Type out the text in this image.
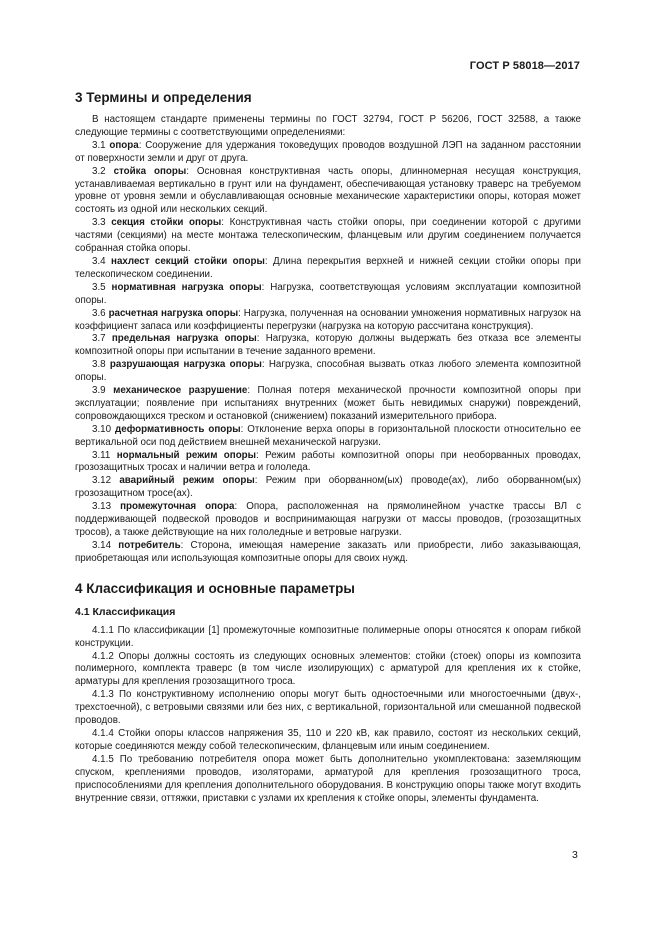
ГОСТ Р 58018—2017
3 Термины и определения

В настоящем стандарте применены термины по ГОСТ 32794, ГОСТ Р 56206, ГОСТ 32588, а также следующие термины с соответствующими определениями:

3.1 опора: Сооружение для удержания токоведущих проводов воздушной ЛЭП на заданном расстоянии от поверхности земли и друг от друга.

3.2 стойка опоры: Основная конструктивная часть опоры, длинномерная несущая конструкция, устанавливаемая вертикально в грунт или на фундамент, обеспечивающая установку траверс на требуемом уровне от уровня земли и обуславливающая основные механические характеристики опоры, которая может состоять из одной или нескольких секций.

3.3 секция стойки опоры: Конструктивная часть стойки опоры, при соединении которой с другими частями (секциями) на месте монтажа телескопическим, фланцевым или другим соединением получается собранная стойка опоры.

3.4 нахлест секций стойки опоры: Длина перекрытия верхней и нижней секции стойки опоры при телескопическом соединении.

3.5 нормативная нагрузка опоры: Нагрузка, соответствующая условиям эксплуатации композитной опоры.

3.6 расчетная нагрузка опоры: Нагрузка, полученная на основании умножения нормативных нагрузок на коэффициент запаса или коэффициенты перегрузки (нагрузка на которую рассчитана конструкция).

3.7 предельная нагрузка опоры: Нагрузка, которую должны выдержать без отказа все элементы композитной опоры при испытании в течение заданного времени.

3.8 разрушающая нагрузка опоры: Нагрузка, способная вызвать отказ любого элемента композитной опоры.

3.9 механическое разрушение: Полная потеря механической прочности композитной опоры при эксплуатации; появление при испытаниях внутренних (может быть невидимых снаружи) повреждений, сопровождающихся треском и остановкой (снижением) показаний измерительного прибора.

3.10 деформативность опоры: Отклонение верха опоры в горизонтальной плоскости относительно ее вертикальной оси под действием внешней механической нагрузки.

3.11 нормальный режим опоры: Режим работы композитной опоры при необорванных проводах, грозозащитных тросах и наличии ветра и гололеда.

3.12 аварийный режим опоры: Режим при оборванном(ых) проводе(ах), либо оборванном(ых) грозозащитном тросе(ах).

3.13 промежуточная опора: Опора, расположенная на прямолинейном участке трассы ВЛ с поддерживающей подвеской проводов и воспринимающая нагрузки от массы проводов, (грозозащитных тросов), а также действующие на них гололедные и ветровые нагрузки.

3.14 потребитель: Сторона, имеющая намерение заказать или приобрести, либо заказывающая, приобретающая или использующая композитные опоры для своих нужд.

4 Классификация и основные параметры
4.1 Классификация

4.1.1 По классификации [1] промежуточные композитные полимерные опоры относятся к опорам гибкой конструкции.

4.1.2 Опоры должны состоять из следующих основных элементов: стойки (стоек) опоры из композита полимерного, комплекта траверс (в том числе изолирующих) с арматурой для крепления их к стойке, арматуры для крепления грозозащитного троса.

4.1.3 По конструктивному исполнению опоры могут быть одностоечными или многостоечными (двух-, трехстоечной), с ветровыми связями или без них, с вертикальной, горизонтальной или смешанной подвеской проводов.

4.1.4 Стойки опоры классов напряжения 35, 110 и 220 кВ, как правило, состоят из нескольких секций, которые соединяются между собой телескопическим, фланцевым или иным соединением.

4.1.5 По требованию потребителя опора может быть дополнительно укомплектована: заземляющим спуском, креплениями проводов, изоляторами, арматурой для крепления грозозащитного троса, приспособлениями для крепления дополнительного оборудования. В конструкцию опоры также могут входить внутренние связи, оттяжки, приставки с узлами их крепления к стойке опоры, элементы фундамента.

3
